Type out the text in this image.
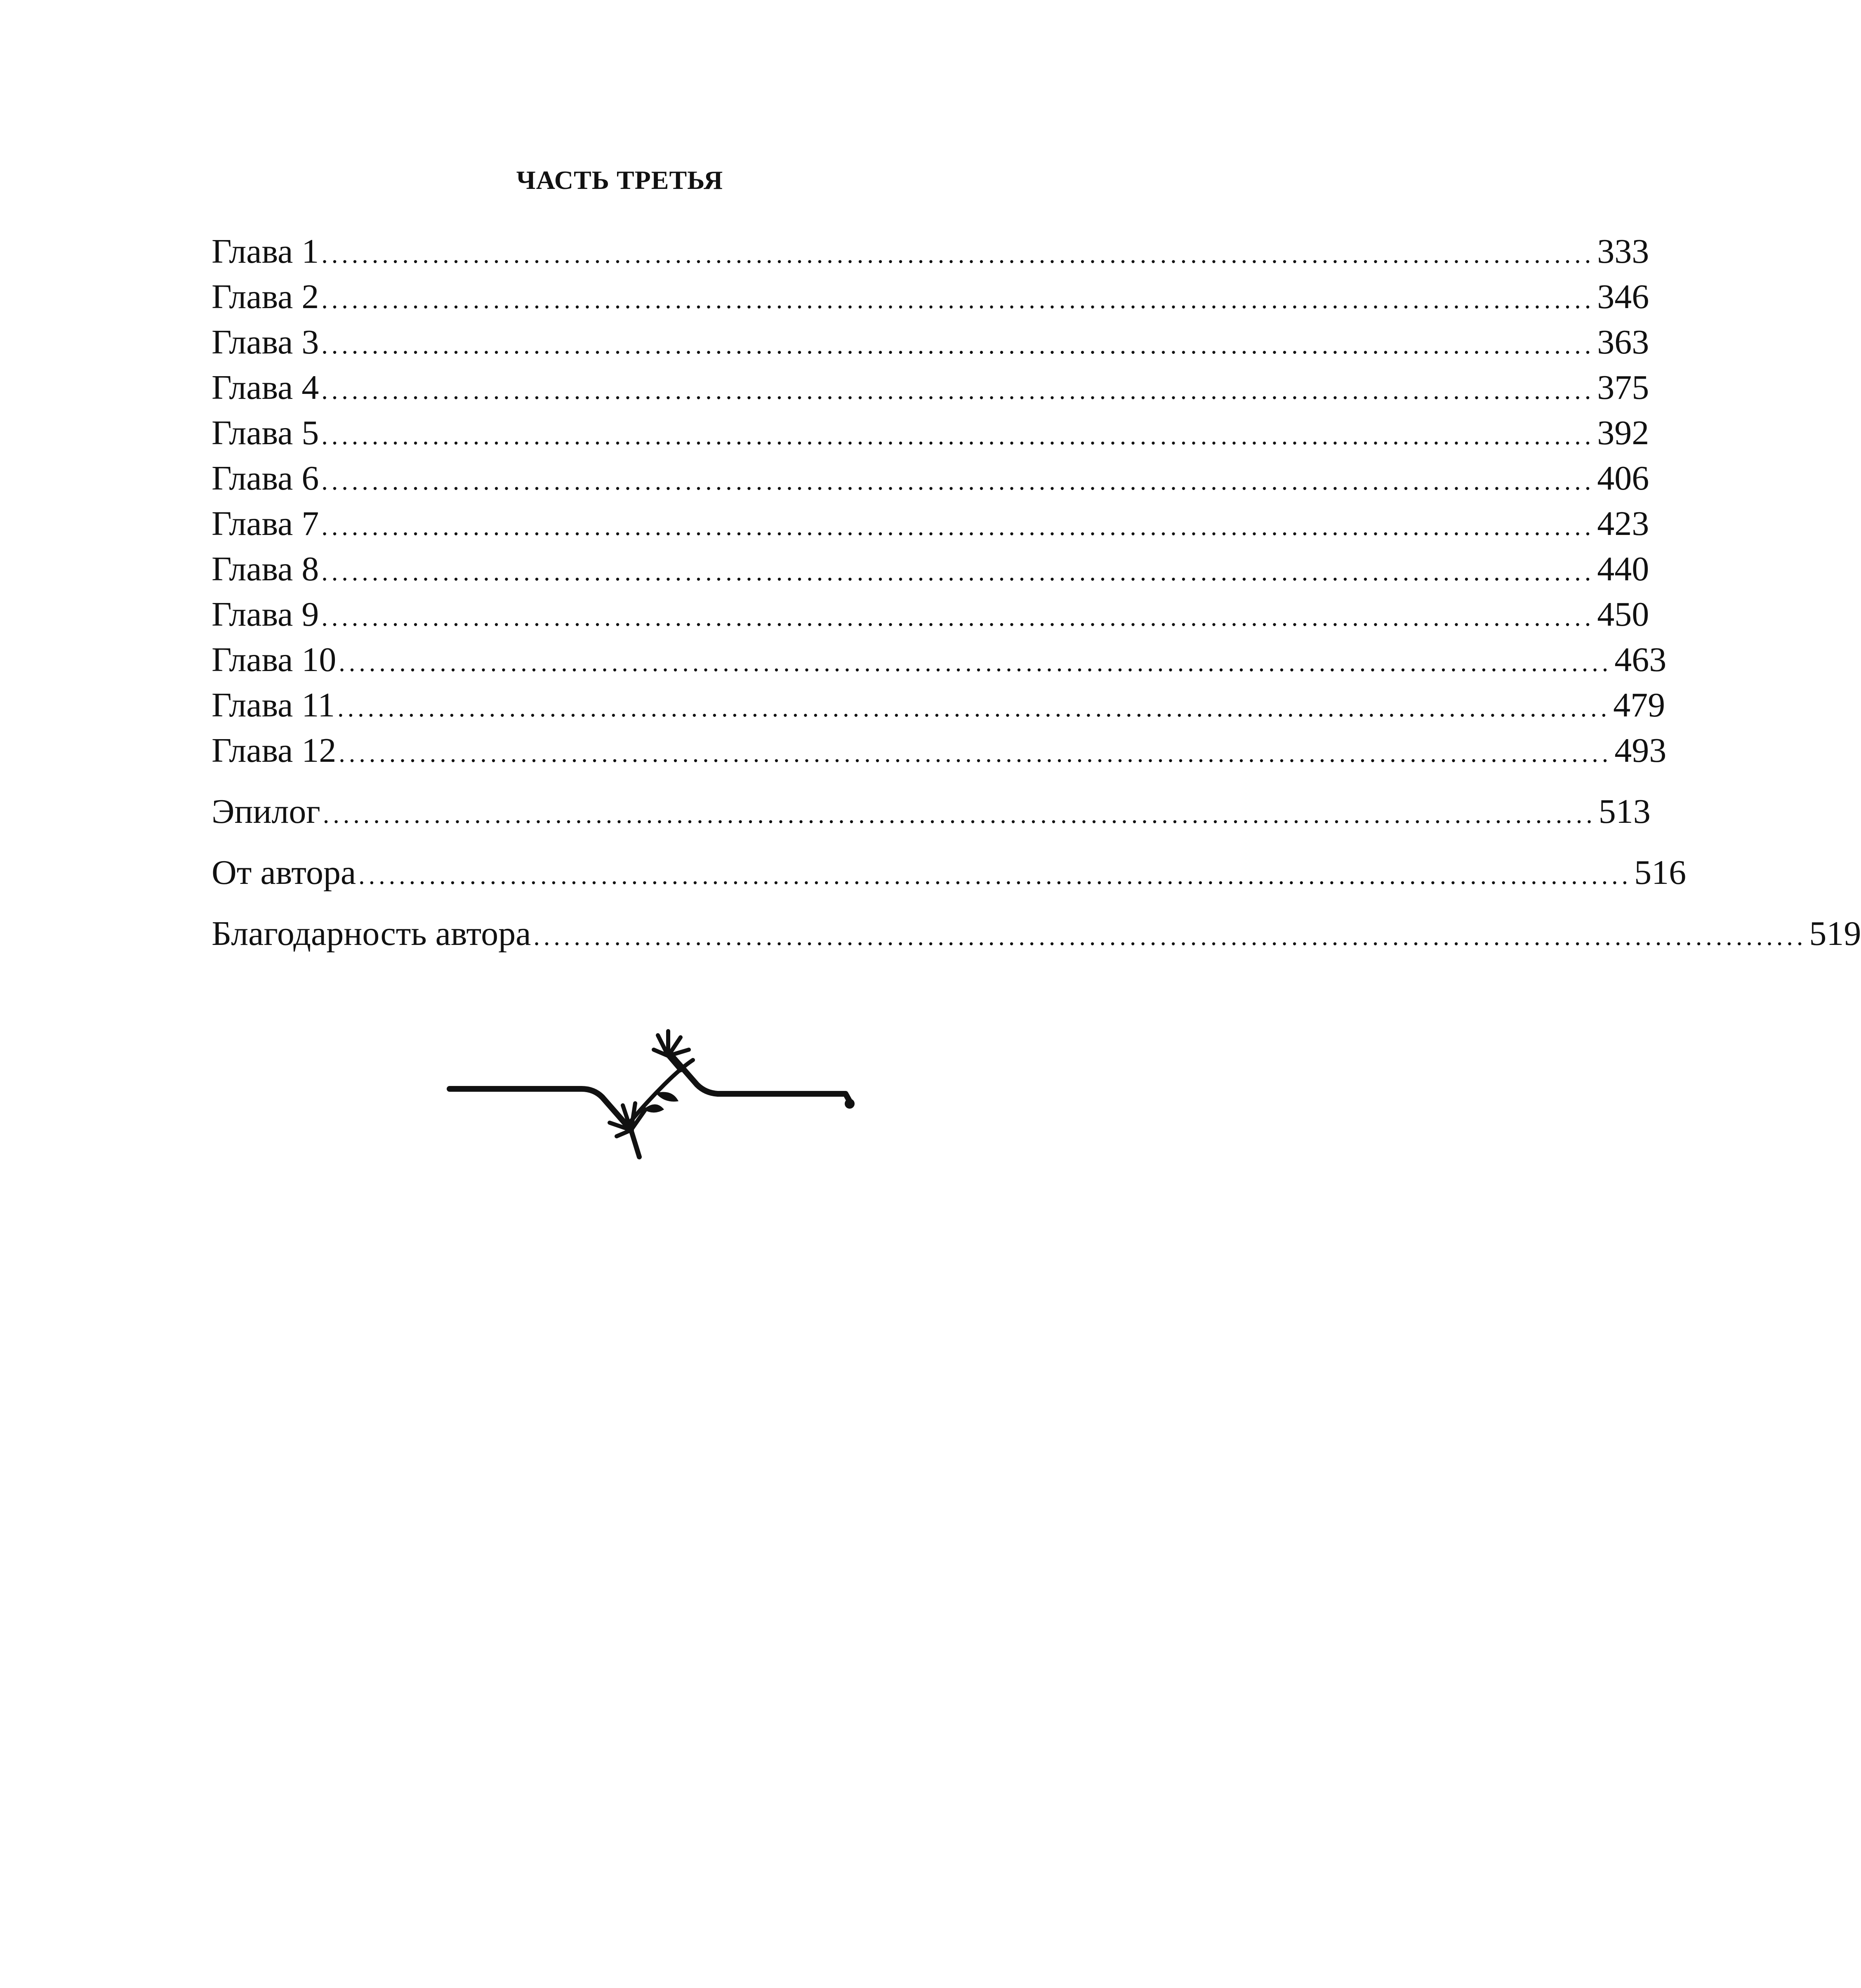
ЧАСТЬ ТРЕТЬЯ
Глава 1 .............................................................................................................................. 333
Глава 2 .............................................................................................................................. 346
Глава 3 .............................................................................................................................. 363
Глава 4 .............................................................................................................................. 375
Глава 5 .............................................................................................................................. 392
Глава 6 .............................................................................................................................. 406
Глава 7 .............................................................................................................................. 423
Глава 8 .............................................................................................................................. 440
Глава 9 .............................................................................................................................. 450
Глава 10 .............................................................................................................................. 463
Глава 11 .............................................................................................................................. 479
Глава 12 .............................................................................................................................. 493
Эпилог .............................................................................................................................. 513
От автора .............................................................................................................................. 516
Благодарность автора .............................................................................................................................. 519
